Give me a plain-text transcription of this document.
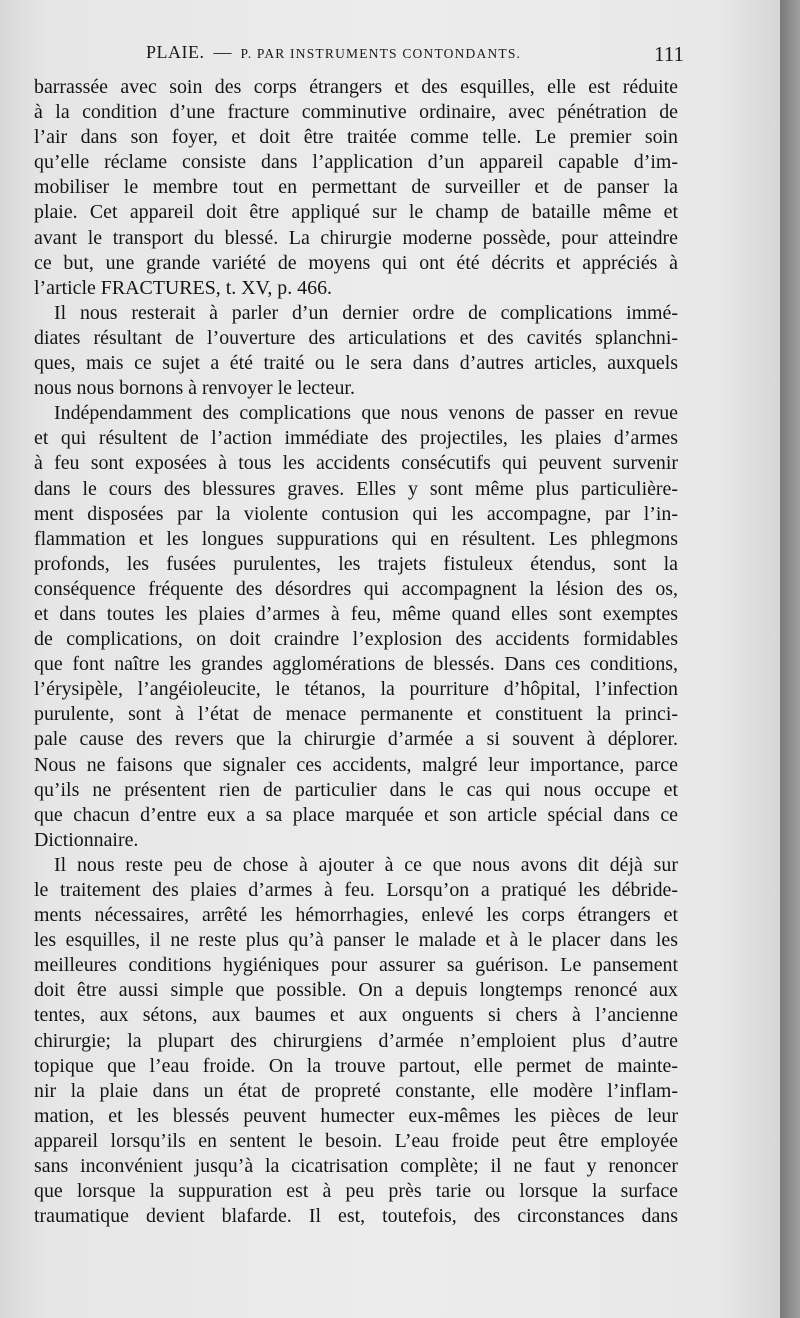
PLAIE. — P. PAR INSTRUMENTS CONTONDANTS.	111
barrassée avec soin des corps étrangers et des esquilles, elle est réduite
à la condition d’une fracture comminutive ordinaire, avec pénétration de
l’air dans son foyer, et doit être traitée comme telle. Le premier soin
qu’elle réclame consiste dans l’application d’un appareil capable d’im-
mobiliser le membre tout en permettant de surveiller et de panser la
plaie. Cet appareil doit être appliqué sur le champ de bataille même et
avant le transport du blessé. La chirurgie moderne possède, pour atteindre
ce but, une grande variété de moyens qui ont été décrits et appréciés à
l’article FRACTURES, t. XV, p. 466.
Il nous resterait à parler d’un dernier ordre de complications immé-
diates résultant de l’ouverture des articulations et des cavités splanchni-
ques, mais ce sujet a été traité ou le sera dans d’autres articles, auxquels
nous nous bornons à renvoyer le lecteur.
Indépendamment des complications que nous venons de passer en revue
et qui résultent de l’action immédiate des projectiles, les plaies d’armes
à feu sont exposées à tous les accidents consécutifs qui peuvent survenir
dans le cours des blessures graves. Elles y sont même plus particulière-
ment disposées par la violente contusion qui les accompagne, par l’in-
flammation et les longues suppurations qui en résultent. Les phlegmons
profonds, les fusées purulentes, les trajets fistuleux étendus, sont la
conséquence fréquente des désordres qui accompagnent la lésion des os,
et dans toutes les plaies d’armes à feu, même quand elles sont exemptes
de complications, on doit craindre l’explosion des accidents formidables
que font naître les grandes agglomérations de blessés. Dans ces conditions,
l’érysipèle, l’angéioleucite, le tétanos, la pourriture d’hôpital, l’infection
purulente, sont à l’état de menace permanente et constituent la princi-
pale cause des revers que la chirurgie d’armée a si souvent à déplorer.
Nous ne faisons que signaler ces accidents, malgré leur importance, parce
qu’ils ne présentent rien de particulier dans le cas qui nous occupe et
que chacun d’entre eux a sa place marquée et son article spécial dans ce
Dictionnaire.
Il nous reste peu de chose à ajouter à ce que nous avons dit déjà sur
le traitement des plaies d’armes à feu. Lorsqu’on a pratiqué les débride-
ments nécessaires, arrêté les hémorrhagies, enlevé les corps étrangers et
les esquilles, il ne reste plus qu’à panser le malade et à le placer dans les
meilleures conditions hygiéniques pour assurer sa guérison. Le pansement
doit être aussi simple que possible. On a depuis longtemps renoncé aux
tentes, aux sétons, aux baumes et aux onguents si chers à l’ancienne
chirurgie; la plupart des chirurgiens d’armée n’emploient plus d’autre
topique que l’eau froide. On la trouve partout, elle permet de mainte-
nir la plaie dans un état de propreté constante, elle modère l’inflam-
mation, et les blessés peuvent humecter eux-mêmes les pièces de leur
appareil lorsqu’ils en sentent le besoin. L’eau froide peut être employée
sans inconvénient jusqu’à la cicatrisation complète; il ne faut y renoncer
que lorsque la suppuration est à peu près tarie ou lorsque la surface
traumatique devient blafarde. Il est, toutefois, des circonstances dans
